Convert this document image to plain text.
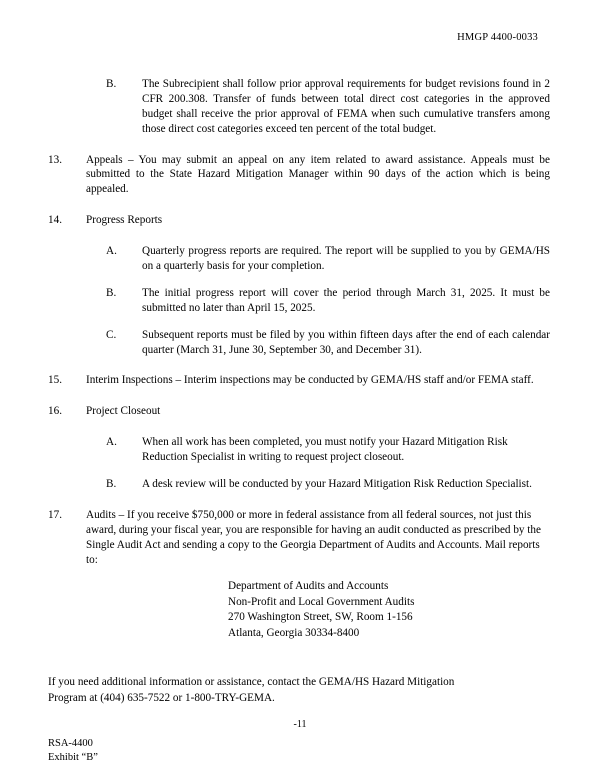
HMGP 4400-0033
B.	The Subrecipient shall follow prior approval requirements for budget revisions found in 2 CFR 200.308. Transfer of funds between total direct cost categories in the approved budget shall receive the prior approval of FEMA when such cumulative transfers among those direct cost categories exceed ten percent of the total budget.
13.	Appeals – You may submit an appeal on any item related to award assistance. Appeals must be submitted to the State Hazard Mitigation Manager within 90 days of the action which is being appealed.
14.	Progress Reports
A.	Quarterly progress reports are required. The report will be supplied to you by GEMA/HS on a quarterly basis for your completion.
B.	The initial progress report will cover the period through March 31, 2025. It must be submitted no later than April 15, 2025.
C.	Subsequent reports must be filed by you within fifteen days after the end of each calendar quarter (March 31, June 30, September 30, and December 31).
15.	Interim Inspections – Interim inspections may be conducted by GEMA/HS staff and/or FEMA staff.
16.	Project Closeout
A.	When all work has been completed, you must notify your Hazard Mitigation Risk Reduction Specialist in writing to request project closeout.
B.	A desk review will be conducted by your Hazard Mitigation Risk Reduction Specialist.
17.	Audits – If you receive $750,000 or more in federal assistance from all federal sources, not just this award, during your fiscal year, you are responsible for having an audit conducted as prescribed by the Single Audit Act and sending a copy to the Georgia Department of Audits and Accounts. Mail reports to:
Department of Audits and Accounts
Non-Profit and Local Government Audits
270 Washington Street, SW, Room 1-156
Atlanta, Georgia 30334-8400
If you need additional information or assistance, contact the GEMA/HS Hazard Mitigation
Program at (404) 635-7522 or 1-800-TRY-GEMA.
-11
RSA-4400
Exhibit “B”
